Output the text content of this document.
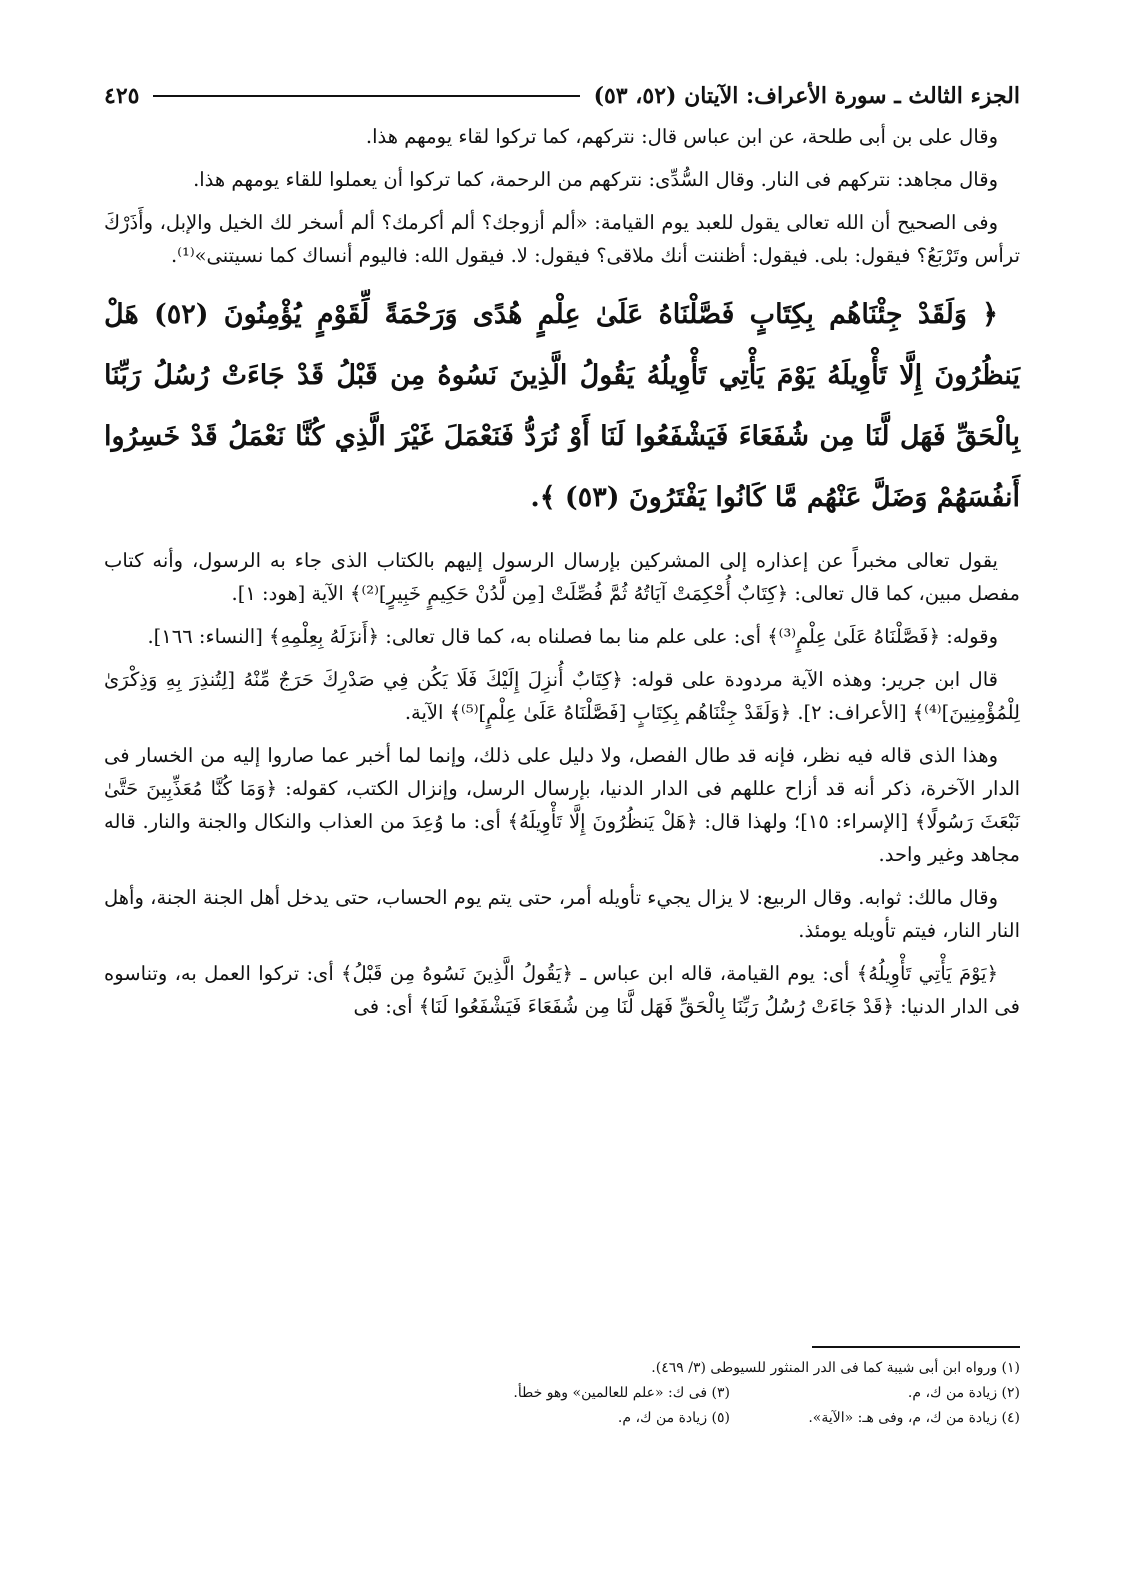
الجزء الثالث ـ سورة الأعراف: الآيتان (٥٢، ٥٣)
٤٢٥

وقال على بن أبى طلحة، عن ابن عباس قال: نتركهم، كما تركوا لقاء يومهم هذا.

وقال مجاهد: نتركهم فى النار. وقال السُّدِّى: نتركهم من الرحمة، كما تركوا أن يعملوا للقاء يومهم هذا.

وفى الصحيح أن الله تعالى يقول للعبد يوم القيامة: «ألم أزوجك؟ ألم أكرمك؟ ألم أسخر لك الخيل والإبل، وأَذَرْكَ ترأس وتَرْبَعُ؟ فيقول: بلى. فيقول: أظننت أنك ملاقى؟ فيقول: لا. فيقول الله: فاليوم أنساك كما نسيتنى»⁽¹⁾.

﴿ وَلَقَدْ جِئْنَاهُم بِكِتَابٍ فَصَّلْنَاهُ عَلَىٰ عِلْمٍ هُدًى وَرَحْمَةً لِّقَوْمٍ يُؤْمِنُونَ (٥٢) هَلْ يَنظُرُونَ إِلَّا تَأْوِيلَهُ يَوْمَ يَأْتِي تَأْوِيلُهُ يَقُولُ الَّذِينَ نَسُوهُ مِن قَبْلُ قَدْ جَاءَتْ رُسُلُ رَبِّنَا بِالْحَقِّ فَهَل لَّنَا مِن شُفَعَاءَ فَيَشْفَعُوا لَنَا أَوْ نُرَدُّ فَنَعْمَلَ غَيْرَ الَّذِي كُنَّا نَعْمَلُ قَدْ خَسِرُوا أَنفُسَهُمْ وَضَلَّ عَنْهُم مَّا كَانُوا يَفْتَرُونَ (٥٣) ﴾.

يقول تعالى مخبراً عن إعذاره إلى المشركين بإرسال الرسول إليهم بالكتاب الذى جاء به الرسول، وأنه كتاب مفصل مبين، كما قال تعالى: ﴿كِتَابٌ أُحْكِمَتْ آيَاتُهُ ثُمَّ فُصِّلَتْ [مِن لَّدُنْ حَكِيمٍ خَبِيرٍ]⁽²⁾﴾ الآية [هود: ١].

وقوله: ﴿فَصَّلْنَاهُ عَلَىٰ عِلْمٍ⁽³⁾﴾ أى: على علم منا بما فصلناه به، كما قال تعالى: ﴿أَنزَلَهُ بِعِلْمِهِ﴾ [النساء: ١٦٦].

قال ابن جرير: وهذه الآية مردودة على قوله: ﴿كِتَابٌ أُنزِلَ إِلَيْكَ فَلَا يَكُن فِي صَدْرِكَ حَرَجٌ مِّنْهُ [لِتُنذِرَ بِهِ وَذِكْرَىٰ لِلْمُؤْمِنِينَ]⁽⁴⁾﴾ [الأعراف: ٢]. ﴿وَلَقَدْ جِئْنَاهُم بِكِتَابٍ [فَصَّلْنَاهُ عَلَىٰ عِلْمٍ]⁽⁵⁾﴾ الآية.

وهذا الذى قاله فيه نظر، فإنه قد طال الفصل، ولا دليل على ذلك، وإنما لما أخبر عما صاروا إليه من الخسار فى الدار الآخرة، ذكر أنه قد أزاح عللهم فى الدار الدنيا، بإرسال الرسل، وإنزال الكتب، كقوله: ﴿وَمَا كُنَّا مُعَذِّبِينَ حَتَّىٰ نَبْعَثَ رَسُولًا﴾ [الإسراء: ١٥]؛ ولهذا قال: ﴿هَلْ يَنظُرُونَ إِلَّا تَأْوِيلَهُ﴾ أى: ما وُعِدَ من العذاب والنكال والجنة والنار. قاله مجاهد وغير واحد.

وقال مالك: ثوابه. وقال الربيع: لا يزال يجيء تأويله أمر، حتى يتم يوم الحساب، حتى يدخل أهل الجنة الجنة، وأهل النار النار، فيتم تأويله يومئذ.

﴿يَوْمَ يَأْتِي تَأْوِيلُهُ﴾ أى: يوم القيامة، قاله ابن عباس ـ ﴿يَقُولُ الَّذِينَ نَسُوهُ مِن قَبْلُ﴾ أى: تركوا العمل به، وتناسوه فى الدار الدنيا: ﴿قَدْ جَاءَتْ رُسُلُ رَبِّنَا بِالْحَقِّ فَهَل لَّنَا مِن شُفَعَاءَ فَيَشْفَعُوا لَنَا﴾ أى: فى

(١) ورواه ابن أبى شيبة كما فى الدر المنثور للسيوطى (٣/ ٤٦٩).
(٢) زيادة من ك، م.
(٣) فى ك: «علم للعالمين» وهو خطأ.
(٤) زيادة من ك، م، وفى هـ: «الآية».
(٥) زيادة من ك، م.
